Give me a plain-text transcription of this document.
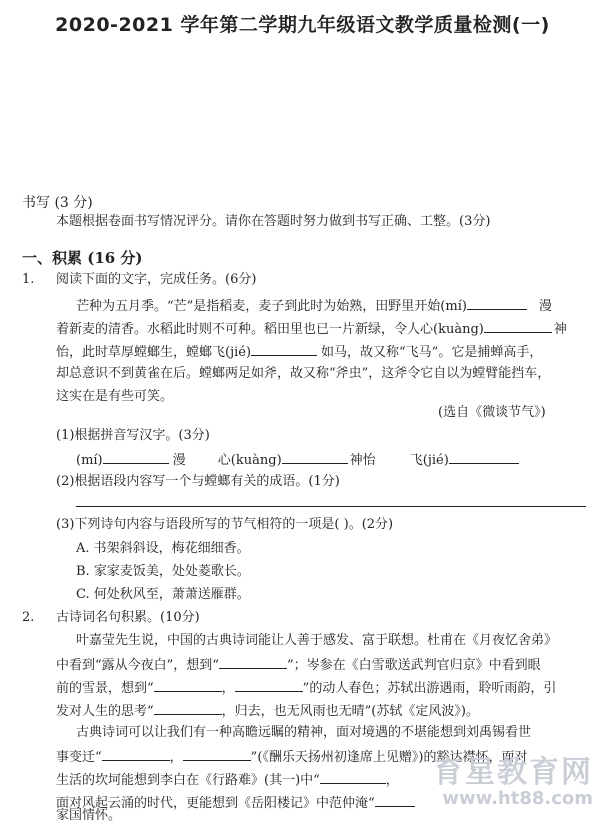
2020-2021 学年第二学期九年级语文教学质量检测(一)
书写 (3 分)
本题根据卷面书写情况评分。请你在答题时努力做到书写正确、工整。(3分)
一、积累 (16 分)
1. 阅读下面的文字，完成任务。(6分)
芒种为五月季。“芒”是指稻麦，麦子到此时为始熟，田野里开始(mí)	漫
着新麦的清香。水稻此时则不可种。稻田里也已一片新绿，令人心(kuàng)	神
怡，此时草厚螳螂生，螳螂飞(jié)	如马，故又称“飞马”。它是捕蝉高手，
却总意识不到黄雀在后。螳螂两足如斧，故又称“斧虫”，这斧令它自以为螳臂能挡车，
这实在是有些可笑。
(选自《微谈节气》)
(1)根据拼音写汉字。(3分)
(mí)	漫 心(kuàng)	神怡	飞(jié)
(2)根据语段内容写一个与螳螂有关的成语。(1分)
(3)下列诗句内容与语段所写的节气相符的一项是( )。(2分)
A. 书架斜斜设，梅花细细香。
B. 家家麦饭美，处处菱歌长。
C. 何处秋风至，萧萧送雁群。
2. 古诗词名句积累。(10分)
叶嘉莹先生说，中国的古典诗词能让人善于感发、富于联想。杜甫在《月夜忆舍弟》
中看到“露从今夜白”，想到“	”；岑参在《白雪歌送武判官归京》中看到眼
前的雪景，想到“	，	”的动人春色；苏轼出游遇雨，聆听雨韵，引
发对人生的思考“	，归去，也无风雨也无晴”(苏轼《定风波》)。
古典诗词可以让我们有一种高瞻远瞩的精神，面对境遇的不堪能想到刘禹锡看世
事变迁“	，	”(《酬乐天扬州初逢席上见赠》)的豁达襟怀，面对
生活的坎坷能想到李白在《行路难》(其一)中“	，
面对风起云涌的时代，更能想到《岳阳楼记》中范仲淹“
家国情怀。
育星教育网
www.ht88.com
